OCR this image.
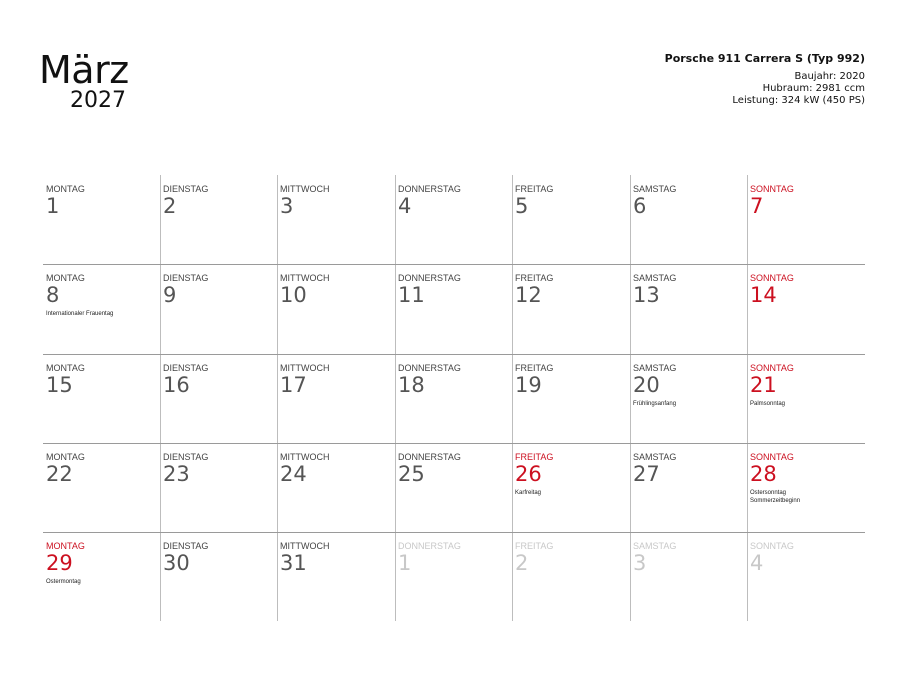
März
2027
Porsche 911 Carrera S (Typ 992)
Baujahr: 2020
Hubraum: 2981 ccm
Leistung: 324 kW (450 PS)
MONTAG
1
DIENSTAG
2
MITTWOCH
3
DONNERSTAG
4
FREITAG
5
SAMSTAG
6
SONNTAG
7
MONTAG
8
Internationaler Frauentag
DIENSTAG
9
MITTWOCH
10
DONNERSTAG
11
FREITAG
12
SAMSTAG
13
SONNTAG
14
MONTAG
15
DIENSTAG
16
MITTWOCH
17
DONNERSTAG
18
FREITAG
19
SAMSTAG
20
Frühlingsanfang
SONNTAG
21
Palmsonntag
MONTAG
22
DIENSTAG
23
MITTWOCH
24
DONNERSTAG
25
FREITAG
26
Karfreitag
SAMSTAG
27
SONNTAG
28
Ostersonntag
Sommerzeitbeginn
MONTAG
29
Ostermontag
DIENSTAG
30
MITTWOCH
31
DONNERSTAG
1
FREITAG
2
SAMSTAG
3
SONNTAG
4
